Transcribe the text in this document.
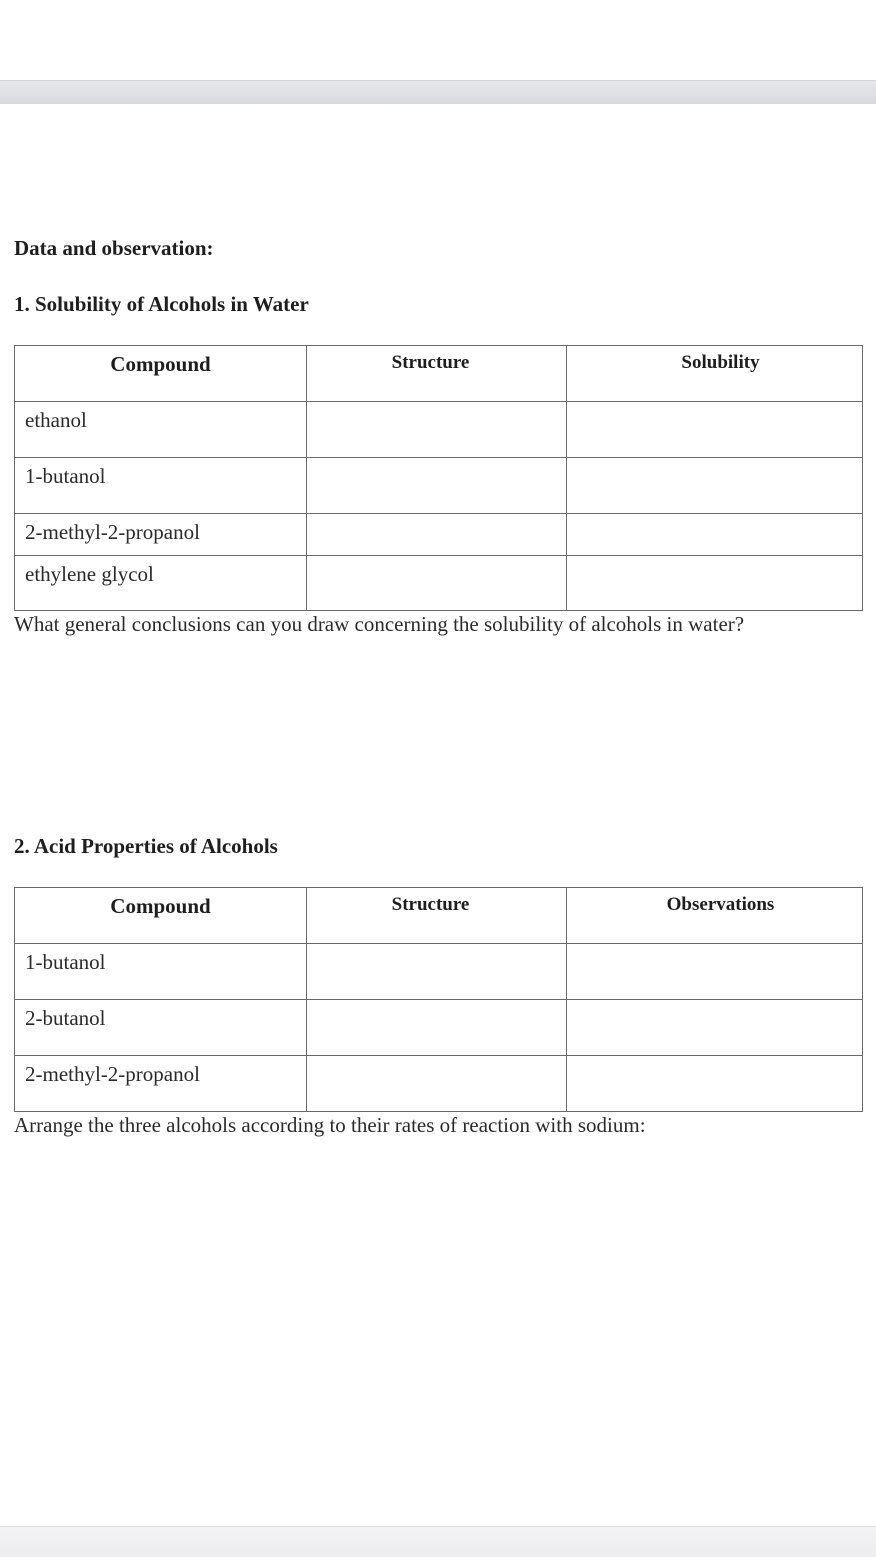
Data and observation:
1. Solubility of Alcohols in Water
Compound	Structure	Solubility
ethanol		
1-butanol		
2-methyl-2-propanol		
ethylene glycol		
What general conclusions can you draw concerning the solubility of alcohols in water?
2. Acid Properties of Alcohols
Compound	Structure	Observations
1-butanol		
2-butanol		
2-methyl-2-propanol		
Arrange the three alcohols according to their rates of reaction with sodium:
